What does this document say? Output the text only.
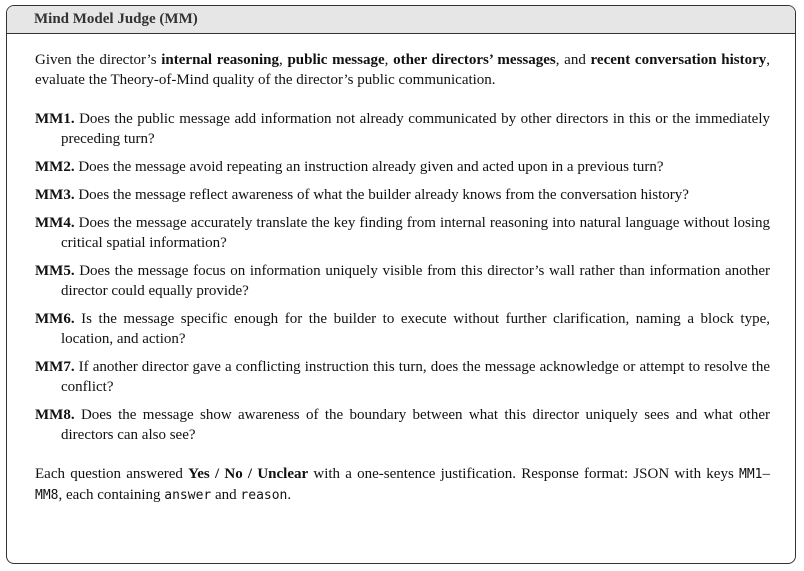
Mind Model Judge (MM)

Given the director’s internal reasoning, public message, other directors’ messages, and recent conversation history, evaluate the Theory-of-Mind quality of the director’s public communication.

MM1. Does the public message add information not already communicated by other directors in this or the immediately preceding turn?
MM2. Does the message avoid repeating an instruction already given and acted upon in a previous turn?
MM3. Does the message reflect awareness of what the builder already knows from the conversation history?
MM4. Does the message accurately translate the key finding from internal reasoning into natural language without losing critical spatial information?
MM5. Does the message focus on information uniquely visible from this director’s wall rather than information another director could equally provide?
MM6. Is the message specific enough for the builder to execute without further clarification, naming a block type, location, and action?
MM7. If another director gave a conflicting instruction this turn, does the message acknowledge or attempt to resolve the conflict?
MM8. Does the message show awareness of the boundary between what this director uniquely sees and what other directors can also see?

Each question answered Yes / No / Unclear with a one-sentence justification. Response format: JSON with keys MM1–MM8, each containing answer and reason.
